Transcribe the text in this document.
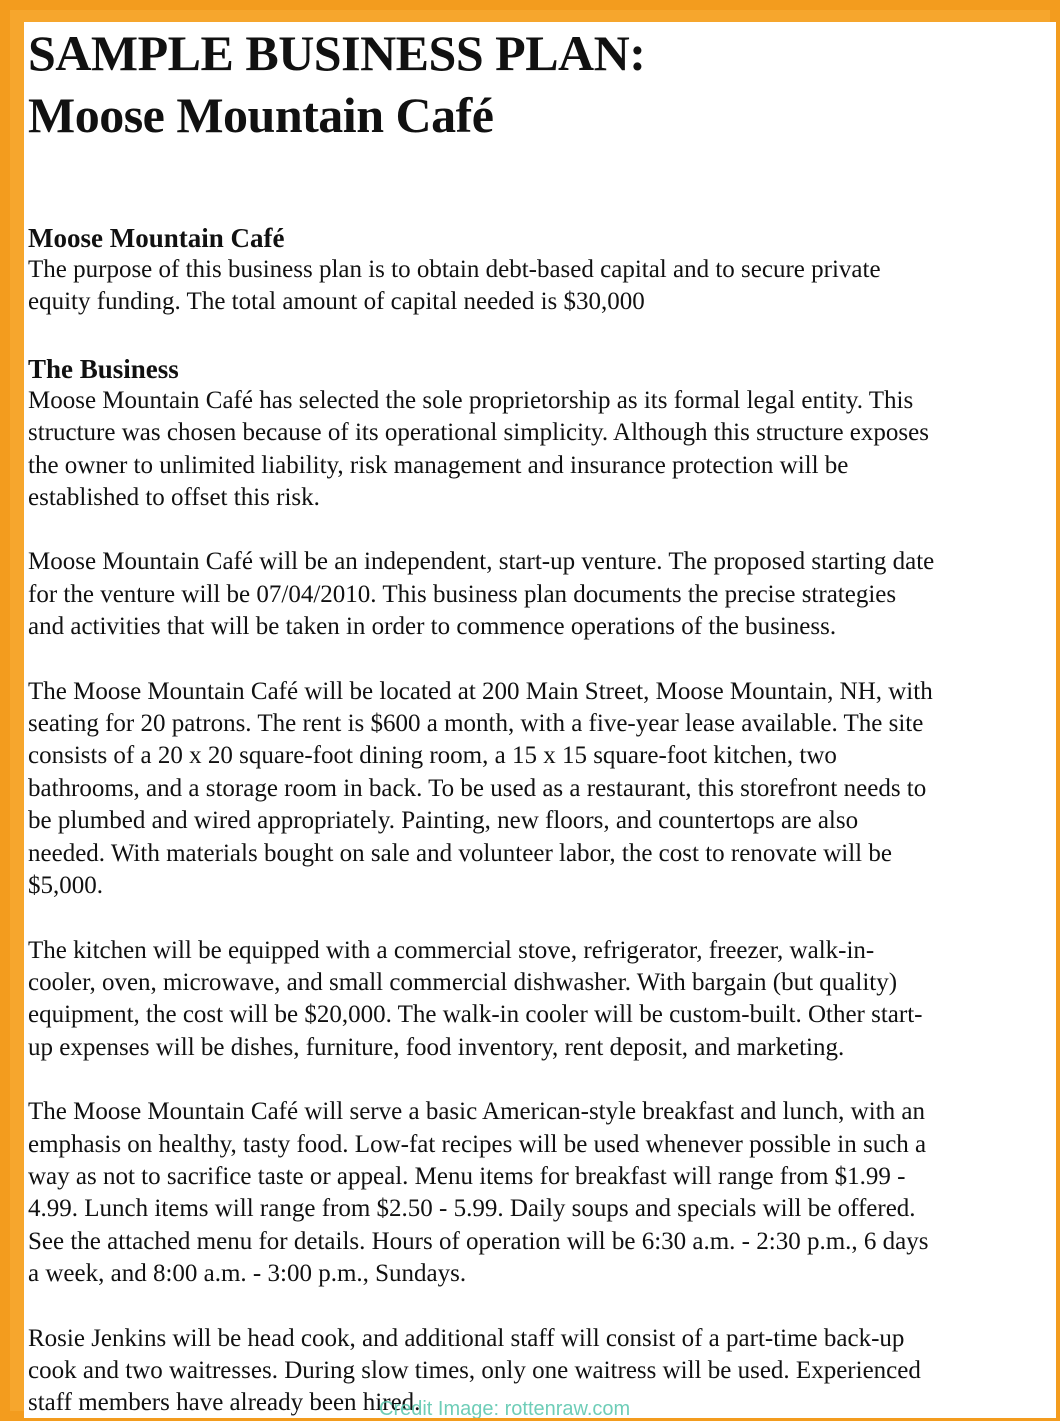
SAMPLE BUSINESS PLAN:
Moose Mountain Café
Moose Mountain Café

The purpose of this business plan is to obtain debt-based capital and to secure private
equity funding. The total amount of capital needed is $30,000

The Business

Moose Mountain Café has selected the sole proprietorship as its formal legal entity. This
structure was chosen because of its operational simplicity. Although this structure exposes
the owner to unlimited liability, risk management and insurance protection will be
established to offset this risk.

Moose Mountain Café will be an independent, start-up venture. The proposed starting date
for the venture will be 07/04/2010. This business plan documents the precise strategies
and activities that will be taken in order to commence operations of the business.

The Moose Mountain Café will be located at 200 Main Street, Moose Mountain, NH, with
seating for 20 patrons. The rent is $600 a month, with a five-year lease available. The site
consists of a 20 x 20 square-foot dining room, a 15 x 15 square-foot kitchen, two
bathrooms, and a storage room in back. To be used as a restaurant, this storefront needs to
be plumbed and wired appropriately. Painting, new floors, and countertops are also
needed. With materials bought on sale and volunteer labor, the cost to renovate will be
$5,000.

The kitchen will be equipped with a commercial stove, refrigerator, freezer, walk-in-
cooler, oven, microwave, and small commercial dishwasher. With bargain (but quality)
equipment, the cost will be $20,000. The walk-in cooler will be custom-built. Other start-
up expenses will be dishes, furniture, food inventory, rent deposit, and marketing.

The Moose Mountain Café will serve a basic American-style breakfast and lunch, with an
emphasis on healthy, tasty food. Low-fat recipes will be used whenever possible in such a
way as not to sacrifice taste or appeal. Menu items for breakfast will range from $1.99 -
4.99. Lunch items will range from $2.50 - 5.99. Daily soups and specials will be offered.
See the attached menu for details. Hours of operation will be 6:30 a.m. - 2:30 p.m., 6 days
a week, and 8:00 a.m. - 3:00 p.m., Sundays.

Rosie Jenkins will be head cook, and additional staff will consist of a part-time back-up
cook and two waitresses. During slow times, only one waitress will be used. Experienced
staff members have already been hired.

Credit Image: rottenraw.com
